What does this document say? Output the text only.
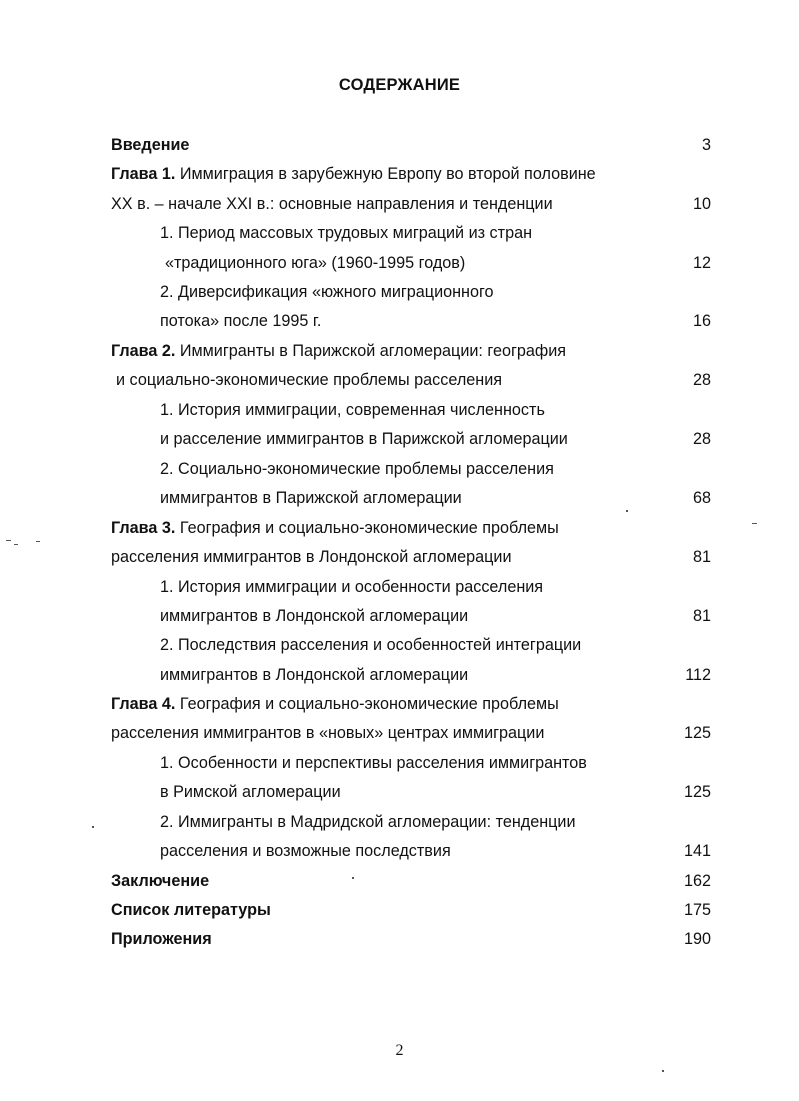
СОДЕРЖАНИЕ
Введение	3
Глава 1. Иммиграция в зарубежную Европу во второй половине
XX в. – начале XXI в.: основные направления и тенденции	10
1. Период массовых трудовых миграций из стран
«традиционного юга» (1960-1995 годов)	12
2. Диверсификация «южного миграционного
потока» после 1995 г.	16
Глава 2. Иммигранты в Парижской агломерации: география
и социально-экономические проблемы расселения	28
1. История иммиграции, современная численность
и расселение иммигрантов в Парижской агломерации	28
2. Социально-экономические проблемы расселения
иммигрантов в Парижской агломерации	68
Глава 3. География и социально-экономические проблемы
расселения иммигрантов в Лондонской агломерации	81
1. История иммиграции и особенности расселения
иммигрантов в Лондонской агломерации	81
2. Последствия расселения и особенностей интеграции
иммигрантов в Лондонской агломерации	112
Глава 4. География и социально-экономические проблемы
расселения иммигрантов в «новых» центрах иммиграции	125
1. Особенности и перспективы расселения иммигрантов
в Римской агломерации	125
2. Иммигранты в Мадридской агломерации: тенденции
расселения и возможные последствия	141
Заключение	162
Список литературы	175
Приложения	190
2
